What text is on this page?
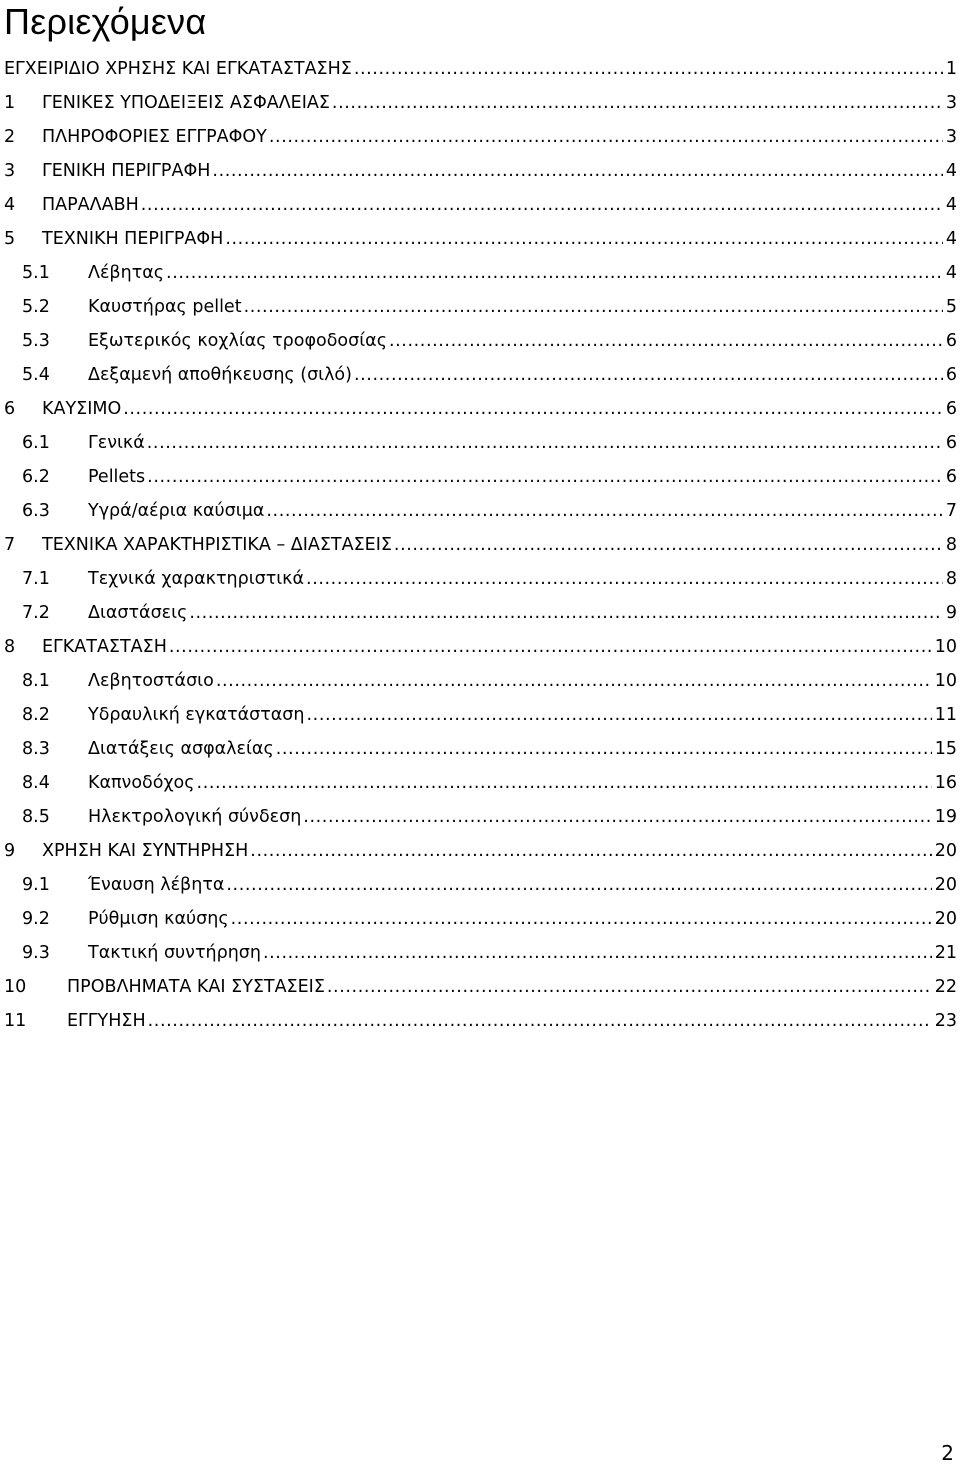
Περιεχόμενα
ΕΓΧΕΙΡΙΔΙΟ ΧΡΗΣΗΣ ΚΑΙ ΕΓΚΑΤΑΣΤΑΣΗΣ .....	1
1	ΓΕΝΙΚΕΣ ΥΠΟΔΕΙΞΕΙΣ ΑΣΦΑΛΕΙΑΣ .....	3
2	ΠΛΗΡΟΦΟΡΙΕΣ ΕΓΓΡΑΦΟΥ .....	3
3	ΓΕΝΙΚΗ ΠΕΡΙΓΡΑΦΗ .....	4
4	ΠΑΡΑΛΑΒΗ .....	4
5	ΤΕΧΝΙΚΗ ΠΕΡΙΓΡΑΦΗ .....	4
5.1	Λέβητας .....	4
5.2	Καυστήρας pellet .....	5
5.3	Εξωτερικός κοχλίας τροφοδοσίας .....	6
5.4	Δεξαμενή αποθήκευσης (σιλό) .....	6
6	ΚΑΥΣΙΜΟ .....	6
6.1	Γενικά .....	6
6.2	Pellets .....	6
6.3	Υγρά/αέρια καύσιμα .....	7
7	ΤΕΧΝΙΚΑ ΧΑΡΑΚΤΗΡΙΣΤΙΚΑ – ΔΙΑΣΤΑΣΕΙΣ .....	8
7.1	Τεχνικά χαρακτηριστικά .....	8
7.2	Διαστάσεις .....	9
8	ΕΓΚΑΤΑΣΤΑΣΗ .....	10
8.1	Λεβητοστάσιο .....	10
8.2	Υδραυλική εγκατάσταση .....	11
8.3	Διατάξεις ασφαλείας .....	15
8.4	Καπνοδόχος .....	16
8.5	Ηλεκτρολογική σύνδεση .....	19
9	ΧΡΗΣΗ ΚΑΙ ΣΥΝΤΗΡΗΣΗ .....	20
9.1	Έναυση λέβητα .....	20
9.2	Ρύθμιση καύσης .....	20
9.3	Τακτική συντήρηση .....	21
10	ΠΡΟΒΛΗΜΑΤΑ ΚΑΙ ΣΥΣΤΑΣΕΙΣ .....	22
11	ΕΓΓΥΗΣΗ .....	23
2
